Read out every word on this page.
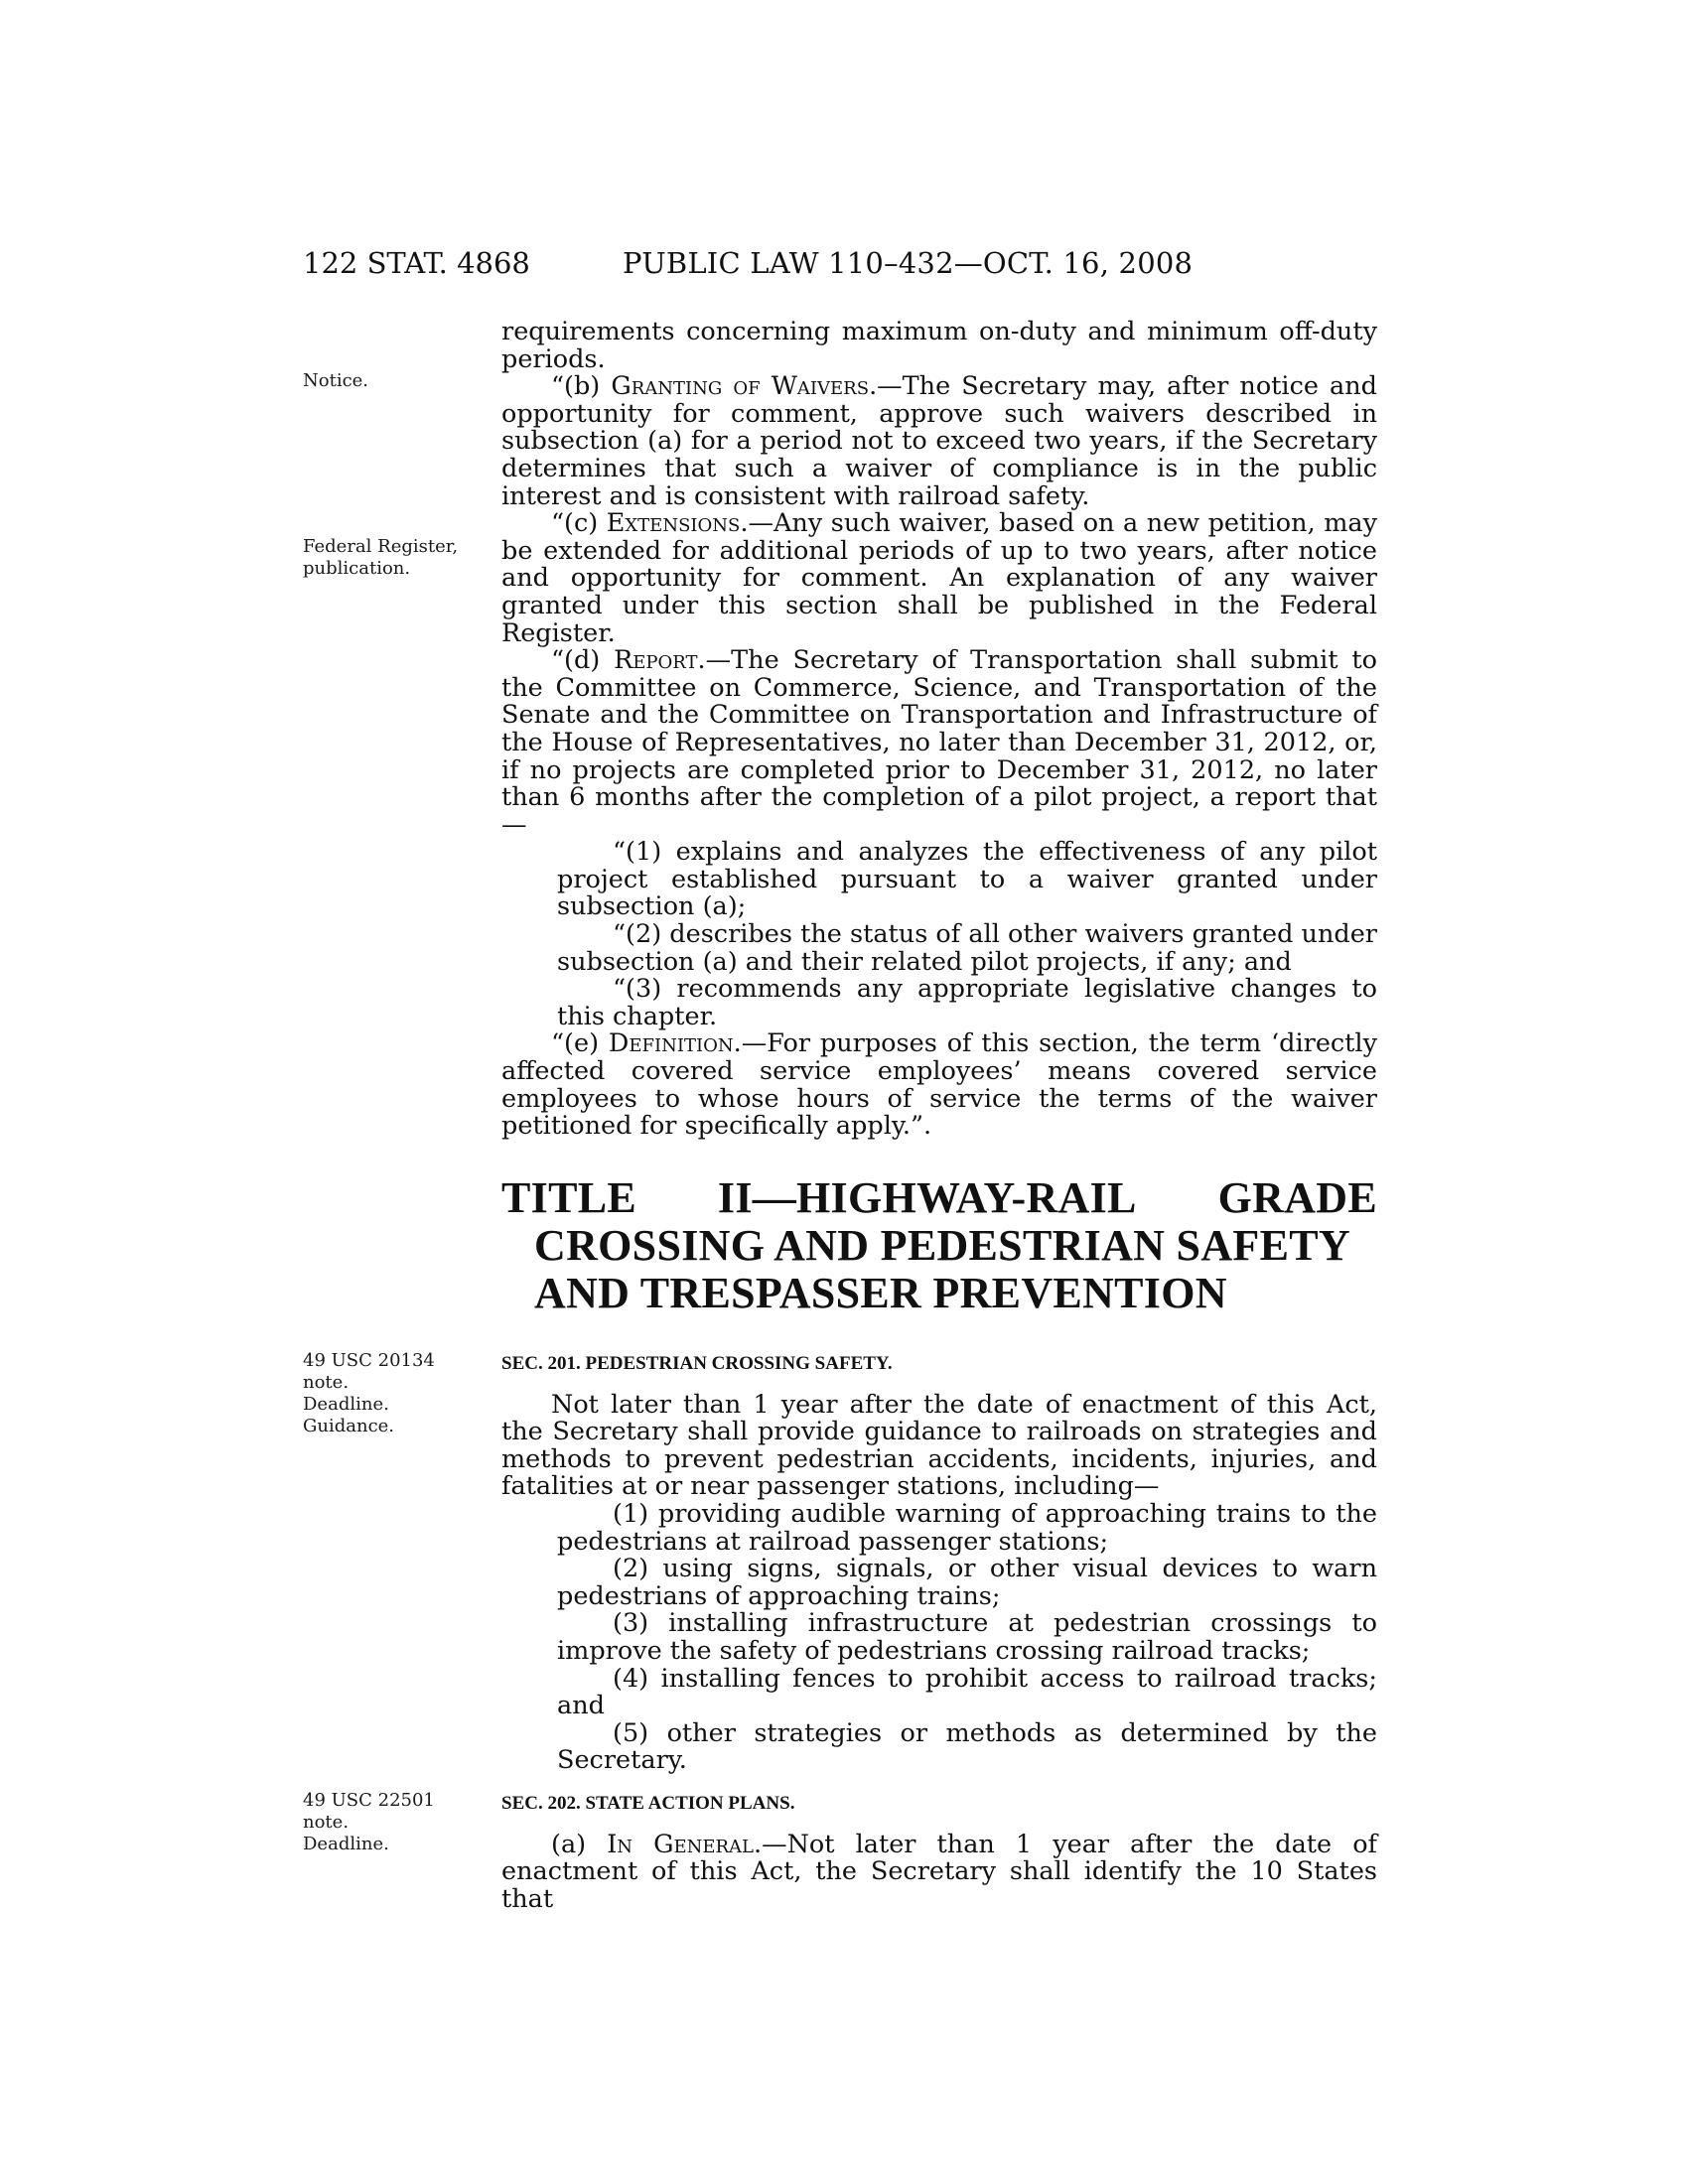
122 STAT. 4868	PUBLIC LAW 110–432—OCT. 16, 2008
Notice.
Federal Register,
publication.
49 USC 20134
note.
Deadline.
Guidance.
49 USC 22501
note.
Deadline.

requirements concerning maximum on-duty and minimum off-duty periods.

“(b) Granting of Waivers.—The Secretary may, after notice and opportunity for comment, approve such waivers described in subsection (a) for a period not to exceed two years, if the Secretary determines that such a waiver of compliance is in the public interest and is consistent with railroad safety.

“(c) Extensions.—Any such waiver, based on a new petition, may be extended for additional periods of up to two years, after notice and opportunity for comment. An explanation of any waiver granted under this section shall be published in the Federal Register.

“(d) Report.—The Secretary of Transportation shall submit to the Committee on Commerce, Science, and Transportation of the Senate and the Committee on Transportation and Infrastructure of the House of Representatives, no later than December 31, 2012, or, if no projects are completed prior to December 31, 2012, no later than 6 months after the completion of a pilot project, a report that—

“(1) explains and analyzes the effectiveness of any pilot project established pursuant to a waiver granted under subsection (a);

“(2) describes the status of all other waivers granted under subsection (a) and their related pilot projects, if any; and

“(3) recommends any appropriate legislative changes to this chapter.

“(e) Definition.—For purposes of this section, the term ‘directly affected covered service employees’ means covered service employees to whose hours of service the terms of the waiver petitioned for specifically apply.”.

TITLE II—HIGHWAY-RAIL GRADE
CROSSING AND PEDESTRIAN SAFETY
AND TRESPASSER PREVENTION

SEC. 201. PEDESTRIAN CROSSING SAFETY.

Not later than 1 year after the date of enactment of this Act, the Secretary shall provide guidance to railroads on strategies and methods to prevent pedestrian accidents, incidents, injuries, and fatalities at or near passenger stations, including—

(1) providing audible warning of approaching trains to the pedestrians at railroad passenger stations;

(2) using signs, signals, or other visual devices to warn pedestrians of approaching trains;

(3) installing infrastructure at pedestrian crossings to improve the safety of pedestrians crossing railroad tracks;

(4) installing fences to prohibit access to railroad tracks; and

(5) other strategies or methods as determined by the Secretary.

SEC. 202. STATE ACTION PLANS.

(a) In General.—Not later than 1 year after the date of enactment of this Act, the Secretary shall identify the 10 States that
